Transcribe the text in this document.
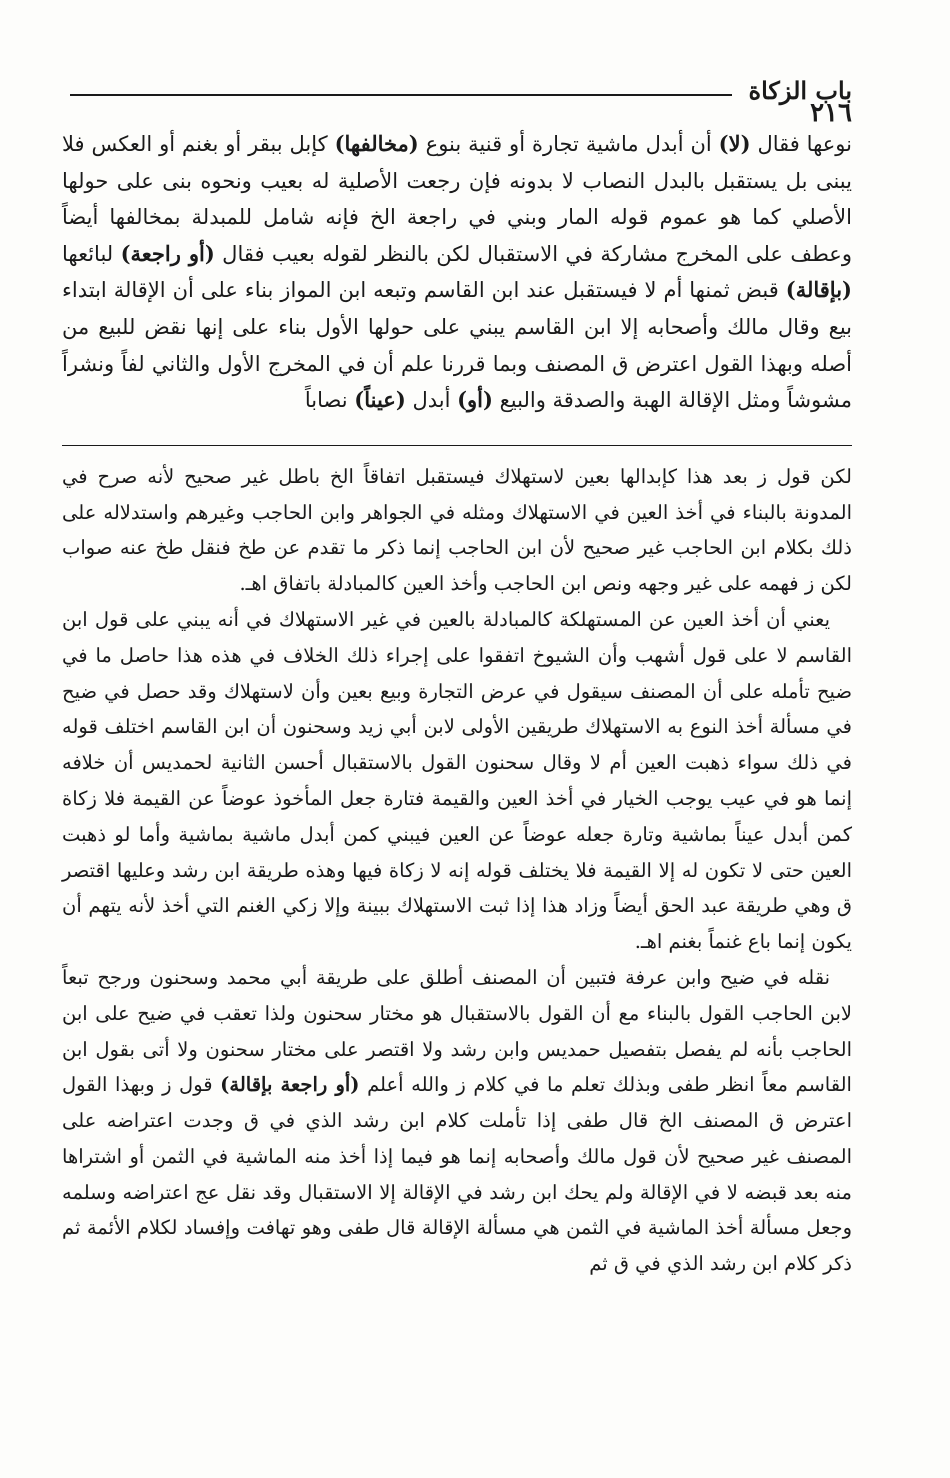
باب الزكاة
٢١٦

نوعها فقال (لا) أن أبدل ماشية تجارة أو قنية بنوع (مخالفها) كإبل ببقر أو بغنم أو العكس فلا يبنى بل يستقبل بالبدل النصاب لا بدونه فإن رجعت الأصلية له بعيب ونحوه بنى على حولها الأصلي كما هو عموم قوله المار وبني في راجعة الخ فإنه شامل للمبدلة بمخالفها أيضاً وعطف على المخرج مشاركة في الاستقبال لكن بالنظر لقوله بعيب فقال (أو راجعة) لبائعها (بإقالة) قبض ثمنها أم لا فيستقبل عند ابن القاسم وتبعه ابن المواز بناء على أن الإقالة ابتداء بيع وقال مالك وأصحابه إلا ابن القاسم يبني على حولها الأول بناء على إنها نقض للبيع من أصله وبهذا القول اعترض ق المصنف وبما قررنا علم أن في المخرج الأول والثاني لفاً ونشراً مشوشاً ومثل الإقالة الهبة والصدقة والبيع (أو) أبدل (عيناً) نصاباً

لكن قول ز بعد هذا كإبدالها بعين لاستهلاك فيستقبل اتفاقاً الخ باطل غير صحيح لأنه صرح في المدونة بالبناء في أخذ العين في الاستهلاك ومثله في الجواهر وابن الحاجب وغيرهم واستدلاله على ذلك بكلام ابن الحاجب غير صحيح لأن ابن الحاجب إنما ذكر ما تقدم عن طخ فنقل طخ عنه صواب لكن ز فهمه على غير وجهه ونص ابن الحاجب وأخذ العين كالمبادلة باتفاق اهـ.

يعني أن أخذ العين عن المستهلكة كالمبادلة بالعين في غير الاستهلاك في أنه يبني على قول ابن القاسم لا على قول أشهب وأن الشيوخ اتفقوا على إجراء ذلك الخلاف في هذه هذا حاصل ما في ضيح تأمله على أن المصنف سيقول في عرض التجارة وبيع بعين وأن لاستهلاك وقد حصل في ضيح في مسألة أخذ النوع به الاستهلاك طريقين الأولى لابن أبي زيد وسحنون أن ابن القاسم اختلف قوله في ذلك سواء ذهبت العين أم لا وقال سحنون القول بالاستقبال أحسن الثانية لحمديس أن خلافه إنما هو في عيب يوجب الخيار في أخذ العين والقيمة فتارة جعل المأخوذ عوضاً عن القيمة فلا زكاة كمن أبدل عيناً بماشية وتارة جعله عوضاً عن العين فيبني كمن أبدل ماشية بماشية وأما لو ذهبت العين حتى لا تكون له إلا القيمة فلا يختلف قوله إنه لا زكاة فيها وهذه طريقة ابن رشد وعليها اقتصر ق وهي طريقة عبد الحق أيضاً وزاد هذا إذا ثبت الاستهلاك ببينة وإلا زكي الغنم التي أخذ لأنه يتهم أن يكون إنما باع غنماً بغنم اهـ.

نقله في ضيح وابن عرفة فتبين أن المصنف أطلق على طريقة أبي محمد وسحنون ورجح تبعاً لابن الحاجب القول بالبناء مع أن القول بالاستقبال هو مختار سحنون ولذا تعقب في ضيح على ابن الحاجب بأنه لم يفصل بتفصيل حمديس وابن رشد ولا اقتصر على مختار سحنون ولا أتى بقول ابن القاسم معاً انظر طفى وبذلك تعلم ما في كلام ز والله أعلم (أو راجعة بإقالة) قول ز وبهذا القول اعترض ق المصنف الخ قال طفى إذا تأملت كلام ابن رشد الذي في ق وجدت اعتراضه على المصنف غير صحيح لأن قول مالك وأصحابه إنما هو فيما إذا أخذ منه الماشية في الثمن أو اشتراها منه بعد قبضه لا في الإقالة ولم يحك ابن رشد في الإقالة إلا الاستقبال وقد نقل عج اعتراضه وسلمه وجعل مسألة أخذ الماشية في الثمن هي مسألة الإقالة قال طفى وهو تهافت وإفساد لكلام الأئمة ثم ذكر كلام ابن رشد الذي في ق ثم
